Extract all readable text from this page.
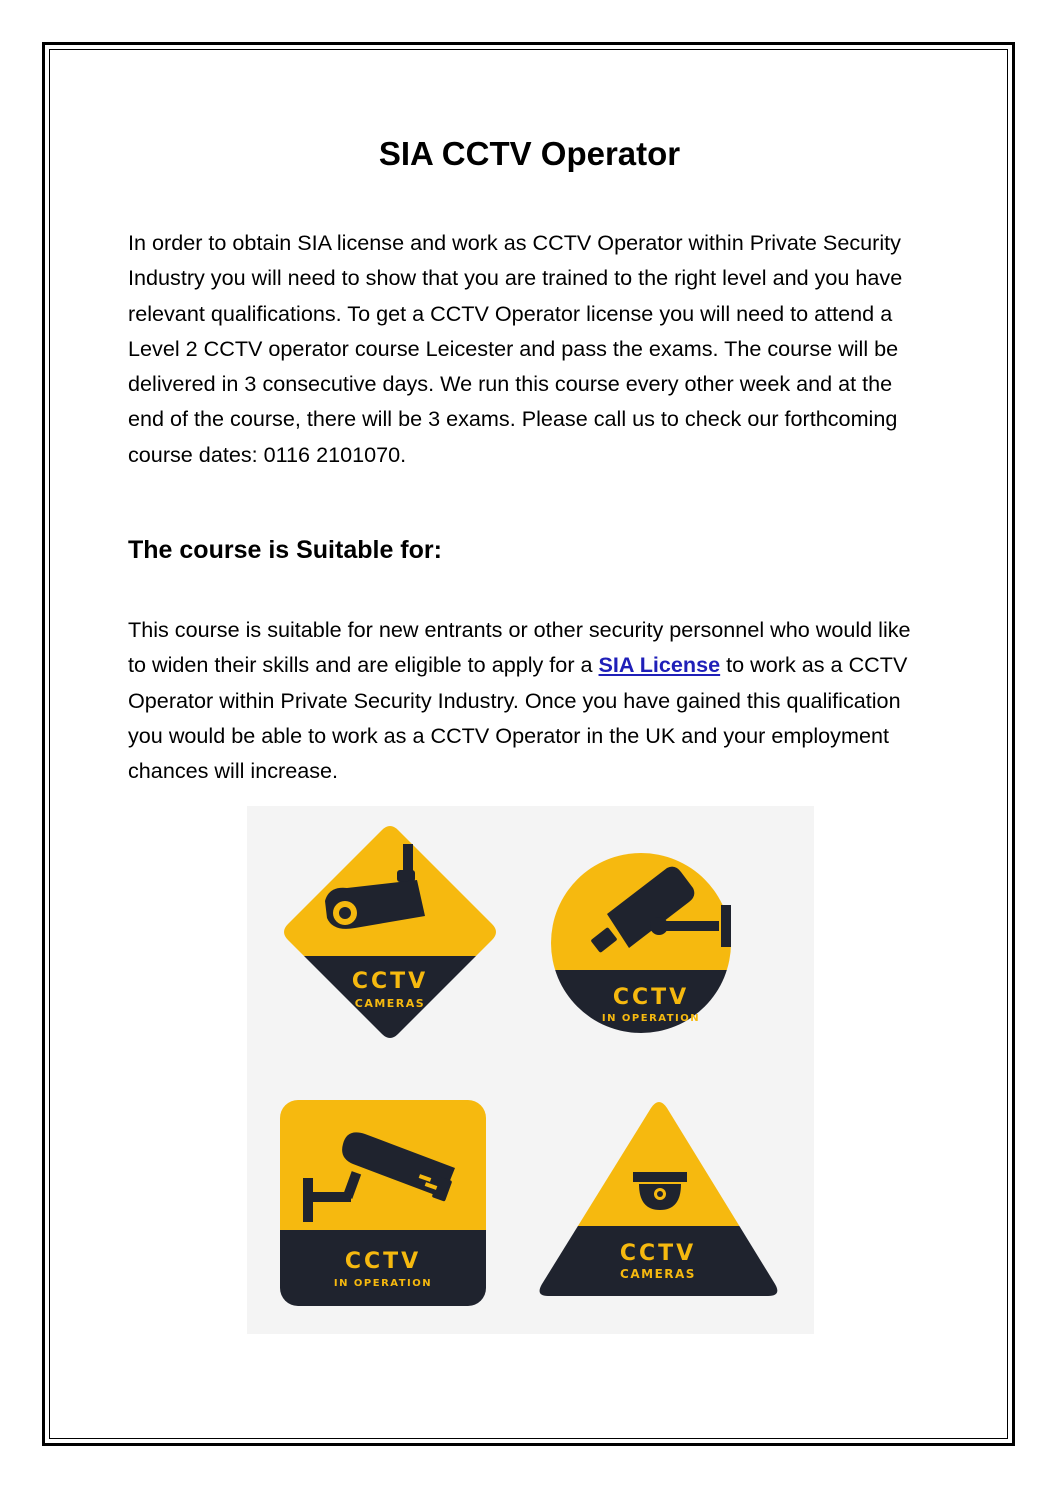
SIA CCTV Operator

In order to obtain SIA license and work as CCTV Operator within Private Security Industry you will need to show that you are trained to the right level and you have relevant qualifications. To get a CCTV Operator license you will need to attend a Level 2 CCTV operator course Leicester and pass the exams. The course will be delivered in 3 consecutive days. We run this course every other week and at the end of the course, there will be 3 exams. Please call us to check our forthcoming course dates: 0116 2101070.

The course is Suitable for:

This course is suitable for new entrants or other security personnel who would like to widen their skills and are eligible to apply for a SIA License to work as a CCTV Operator within Private Security Industry. Once you have gained this qualification you would be able to work as a CCTV Operator in the UK and your employment chances will increase.

CCTV
CAMERAS	CCTV
IN OPERATION
CCTV
IN OPERATION
CCTV
CAMERAS
